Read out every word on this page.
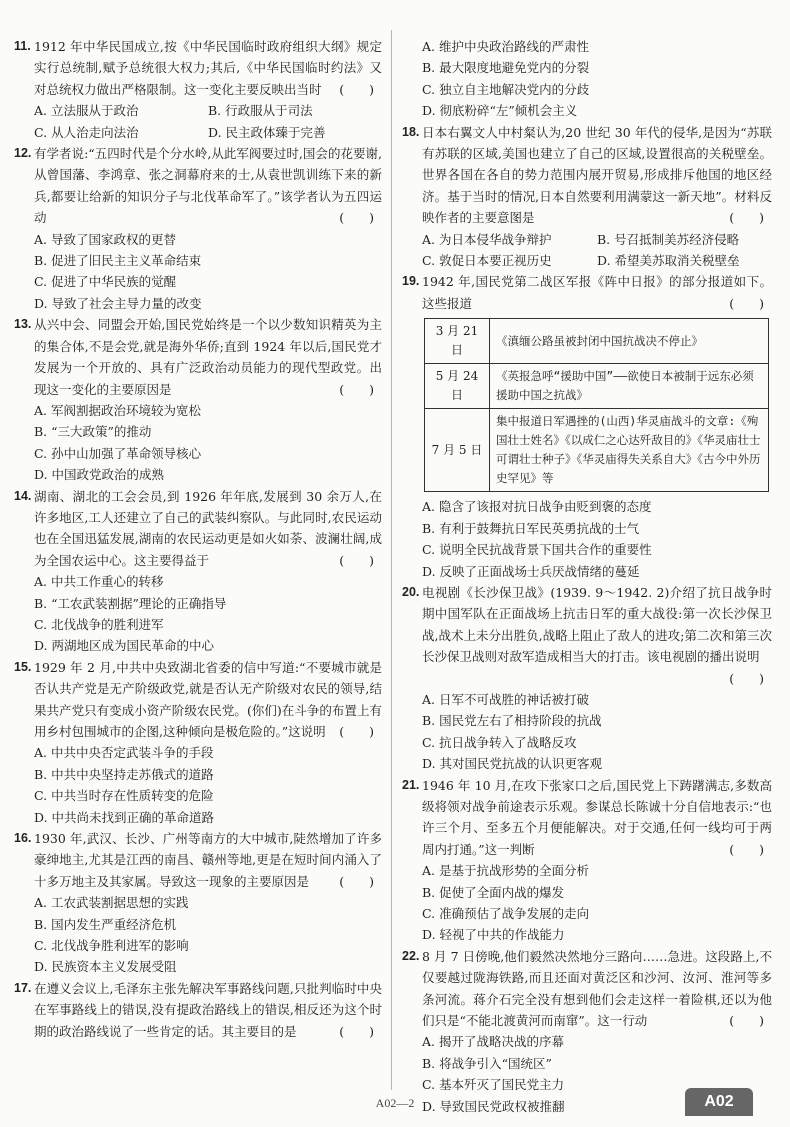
11. 1912 年中华民国成立,按《中华民国临时政府组织大纲》规定实行总统制,赋予总统很大权力;其后,《中华民国临时约法》又对总统权力做出严格限制。这一变化主要反映出当时 (　　)
A. 立法服从于政治	B. 行政服从于司法
C. 从人治走向法治	D. 民主政体臻于完善
12. 有学者说:“五四时代是个分水岭,从此军阀要过时,国会的花要谢,从曾国藩、李鸿章、张之洞幕府来的士,从袁世凯训练下来的新兵,都要让给新的知识分子与北伐革命军了。”该学者认为五四运动	(　　)
A. 导致了国家政权的更替
B. 促进了旧民主主义革命结束
C. 促进了中华民族的觉醒
D. 导致了社会主导力量的改变
13. 从兴中会、同盟会开始,国民党始终是一个以少数知识精英为主的集合体,不是会党,就是海外华侨;直到 1924 年以后,国民党才发展为一个开放的、具有广泛政治动员能力的现代型政党。出现这一变化的主要原因是	(　　)
A. 军阀割据政治环境较为宽松
B. “三大政策”的推动
C. 孙中山加强了革命领导核心
D. 中国政党政治的成熟
14. 湖南、湖北的工会会员,到 1926 年年底,发展到 30 余万人,在许多地区,工人还建立了自己的武装纠察队。与此同时,农民运动也在全国迅猛发展,湖南的农民运动更是如火如荼、波澜壮阔,成为全国农运中心。这主要得益于	(　　)
A. 中共工作重心的转移
B. “工农武装割据”理论的正确指导
C. 北伐战争的胜利进军
D. 两湖地区成为国民革命的中心
15. 1929 年 2 月,中共中央致湖北省委的信中写道:“不要城市就是否认共产党是无产阶级政党,就是否认无产阶级对农民的领导,结果共产党只有变成小资产阶级农民党。(你们)在斗争的布置上有用乡村包围城市的企图,这种倾向是极危险的。”这说明 (　　)
A. 中共中央否定武装斗争的手段
B. 中共中央坚持走苏俄式的道路
C. 中共当时存在性质转变的危险
D. 中共尚未找到正确的革命道路
16. 1930 年,武汉、长沙、广州等南方的大中城市,陡然增加了许多豪绅地主,尤其是江西的南昌、赣州等地,更是在短时间内涌入了十多万地主及其家属。导致这一现象的主要原因是 (　　)
A. 工农武装割据思想的实践
B. 国内发生严重经济危机
C. 北伐战争胜利进军的影响
D. 民族资本主义发展受阻
17. 在遵义会议上,毛泽东主张先解决军事路线问题,只批判临时中央在军事路线上的错误,没有提政治路线上的错误,相反还为这个时期的政治路线说了一些肯定的话。其主要目的是	(　　)
A. 维护中央政治路线的严肃性
B. 最大限度地避免党内的分裂
C. 独立自主地解决党内的分歧
D. 彻底粉碎“左”倾机会主义
18. 日本右翼文人中村粲认为,20 世纪 30 年代的侵华,是因为“苏联有苏联的区域,美国也建立了自己的区域,设置很高的关税壁垒。世界各国在各自的势力范围内展开贸易,形成排斥他国的地区经济。基于当时的情况,日本自然要利用满蒙这一新天地”。材料反映作者的主要意图是	(　　)
A. 为日本侵华战争辩护	B. 号召抵制美苏经济侵略
C. 敦促日本要正视历史	D. 希望美苏取消关税壁垒
19. 1942 年,国民党第二战区军报《阵中日报》的部分报道如下。这些报道	(　　)
3 月 21 日	《滇缅公路虽被封闭中国抗战决不停止》
5 月 24 日	《英报急呼“援助中国”——欲使日本被制于远东必须援助中国之抗战》
7 月 5 日	集中报道日军遇挫的(山西)华灵庙战斗的文章:《殉国壮士姓名》《以成仁之心达歼敌目的》《华灵庙壮士可谓壮士种子》《华灵庙得失关系自大》《古今中外历史罕见》等
A. 隐含了该报对抗日战争由贬到褒的态度
B. 有利于鼓舞抗日军民英勇抗战的士气
C. 说明全民抗战背景下国共合作的重要性
D. 反映了正面战场士兵厌战情绪的蔓延
20. 电视剧《长沙保卫战》(1939. 9～1942. 2)介绍了抗日战争时期中国军队在正面战场上抗击日军的重大战役:第一次长沙保卫战,战术上未分出胜负,战略上阻止了敌人的进攻;第二次和第三次长沙保卫战则对敌军造成相当大的打击。该电视剧的播出说明
(　　)
A. 日军不可战胜的神话被打破
B. 国民党左右了相持阶段的抗战
C. 抗日战争转入了战略反攻
D. 其对国民党抗战的认识更客观
21. 1946 年 10 月,在攻下张家口之后,国民党上下踌躇满志,多数高级将领对战争前途表示乐观。参谋总长陈诚十分自信地表示:“也许三个月、至多五个月便能解决。对于交通,任何一线均可于两周内打通。”这一判断	(　　)
A. 是基于抗战形势的全面分析
B. 促使了全面内战的爆发
C. 准确预估了战争发展的走向
D. 轻视了中共的作战能力
22. 8 月 7 日傍晚,他们毅然决然地分三路向……急进。这段路上,不仅要越过陇海铁路,而且还面对黄泛区和沙河、汝河、淮河等多条河流。蒋介石完全没有想到他们会走这样一着险棋,还以为他们只是“不能北渡黄河而南窜”。这一行动	(　　)
A. 揭开了战略决战的序幕
B. 将战争引入“国统区”
C. 基本歼灭了国民党主力
D. 导致国民党政权被推翻
A02—2	A02
